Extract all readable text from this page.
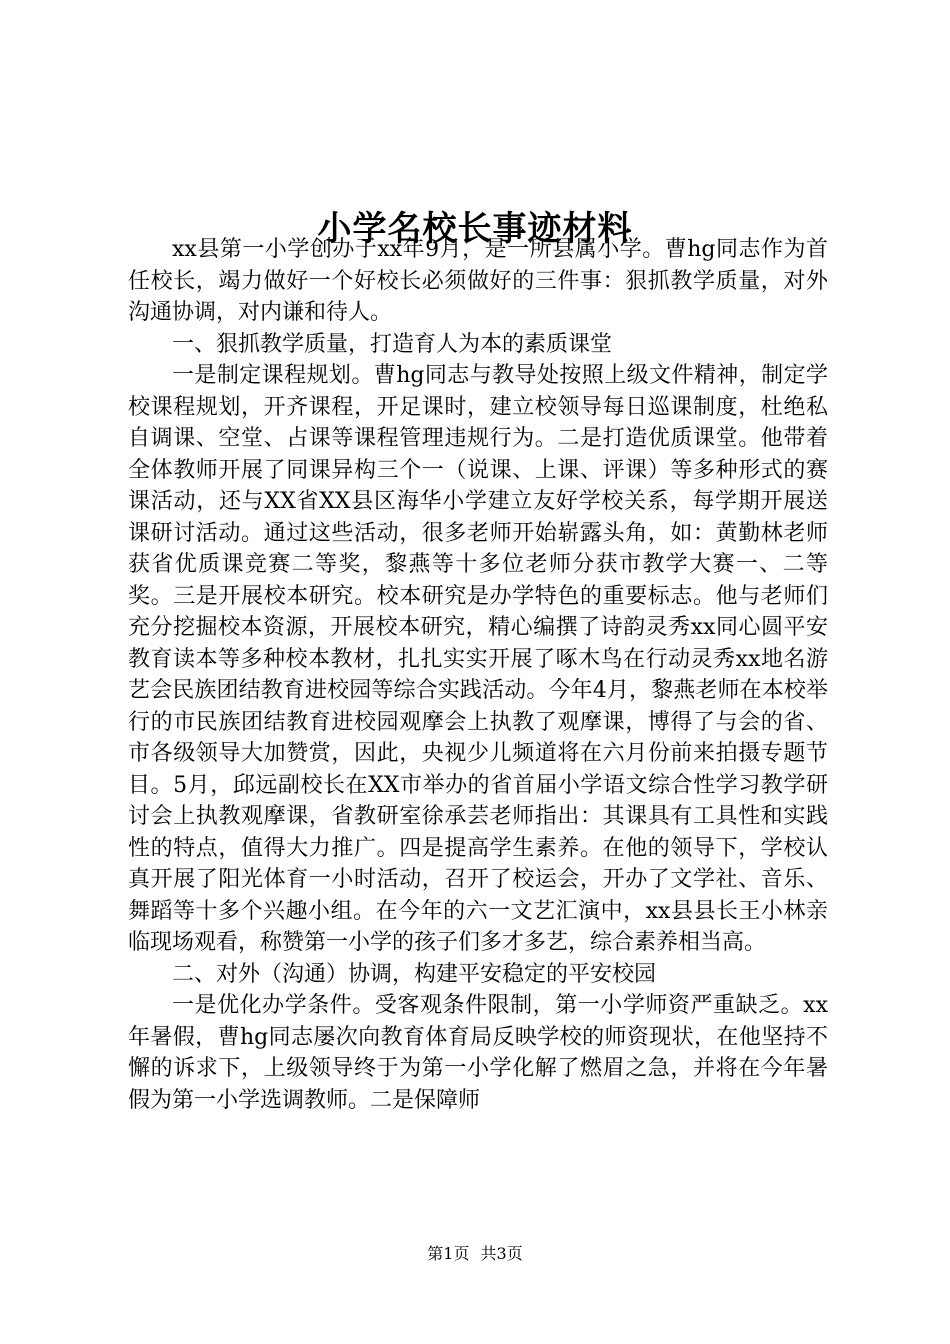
小学名校长事迹材料

xx县第一小学创办于xx年9月，是一所县属小学。曹hg同志作为首任校长，竭力做好一个好校长必须做好的三件事：狠抓教学质量，对外沟通协调，对内谦和待人。

一、狠抓教学质量，打造育人为本的素质课堂

一是制定课程规划。曹hg同志与教导处按照上级文件精神，制定学校课程规划，开齐课程，开足课时，建立校领导每日巡课制度，杜绝私自调课、空堂、占课等课程管理违规行为。二是打造优质课堂。他带着全体教师开展了同课异构三个一（说课、上课、评课）等多种形式的赛课活动，还与XX省XX县区海华小学建立友好学校关系，每学期开展送课研讨活动。通过这些活动，很多老师开始崭露头角，如：黄勤林老师获省优质课竞赛二等奖，黎燕等十多位老师分获市教学大赛一、二等奖。三是开展校本研究。校本研究是办学特色的重要标志。他与老师们充分挖掘校本资源，开展校本研究，精心编撰了诗韵灵秀xx同心圆平安教育读本等多种校本教材，扎扎实实开展了啄木鸟在行动灵秀xx地名游艺会民族团结教育进校园等综合实践活动。今年4月，黎燕老师在本校举行的市民族团结教育进校园观摩会上执教了观摩课，博得了与会的省、市各级领导大加赞赏，因此，央视少儿频道将在六月份前来拍摄专题节目。5月，邱远副校长在XX市举办的省首届小学语文综合性学习教学研讨会上执教观摩课，省教研室徐承芸老师指出：其课具有工具性和实践性的特点，值得大力推广。四是提高学生素养。在他的领导下，学校认真开展了阳光体育一小时活动，召开了校运会，开办了文学社、音乐、舞蹈等十多个兴趣小组。在今年的六一文艺汇演中，xx县县长王小林亲临现场观看，称赞第一小学的孩子们多才多艺，综合素养相当高。

二、对外（沟通）协调，构建平安稳定的平安校园

一是优化办学条件。受客观条件限制，第一小学师资严重缺乏。xx年暑假，曹hg同志屡次向教育体育局反映学校的师资现状，在他坚持不懈的诉求下，上级领导终于为第一小学化解了燃眉之急，并将在今年暑假为第一小学选调教师。二是保障师

第1页 共3页
